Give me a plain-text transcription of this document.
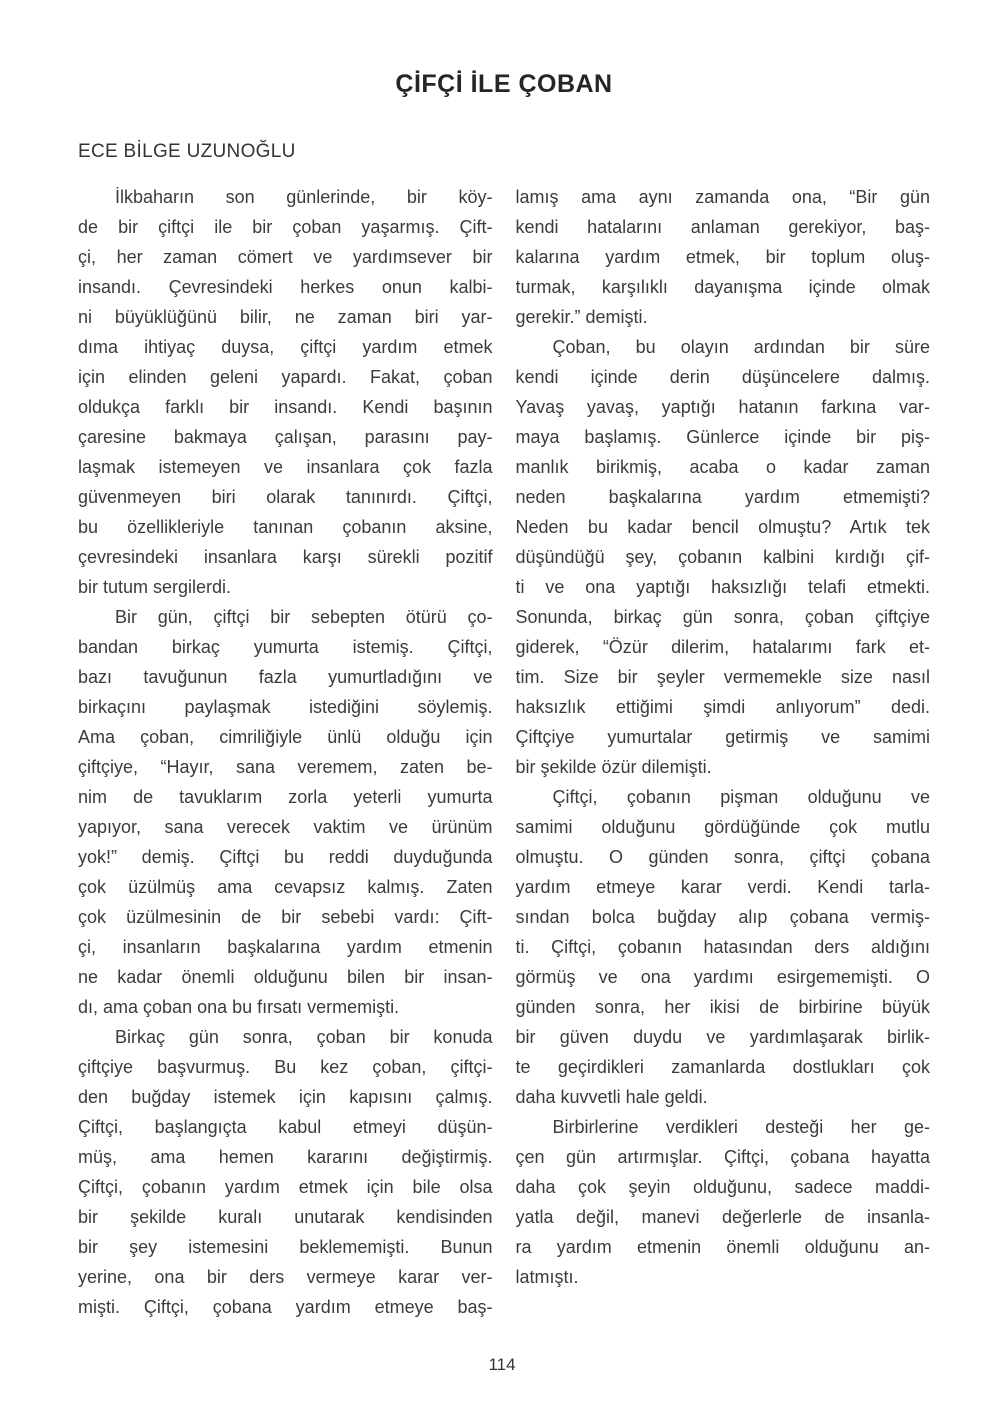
ÇİFÇİ İLE ÇOBAN
ECE BİLGE UZUNOĞLU
İlkbaharın son günlerinde, bir köy-
de bir çiftçi ile bir çoban yaşarmış. Çift-
çi, her zaman cömert ve yardımsever bir
insandı. Çevresindeki herkes onun kalbi-
ni büyüklüğünü bilir, ne zaman biri yar-
dıma ihtiyaç duysa, çiftçi yardım etmek
için elinden geleni yapardı. Fakat, çoban
oldukça farklı bir insandı. Kendi başının
çaresine bakmaya çalışan, parasını pay-
laşmak istemeyen ve insanlara çok fazla
güvenmeyen biri olarak tanınırdı. Çiftçi,
bu özellikleriyle tanınan çobanın aksine,
çevresindeki insanlara karşı sürekli pozitif
bir tutum sergilerdi.
Bir gün, çiftçi bir sebepten ötürü ço-
bandan birkaç yumurta istemiş. Çiftçi,
bazı tavuğunun fazla yumurtladığını ve
birkaçını paylaşmak istediğini söylemiş.
Ama çoban, cimriliğiyle ünlü olduğu için
çiftçiye, “Hayır, sana veremem, zaten be-
nim de tavuklarım zorla yeterli yumurta
yapıyor, sana verecek vaktim ve ürünüm
yok!” demiş. Çiftçi bu reddi duyduğunda
çok üzülmüş ama cevapsız kalmış. Zaten
çok üzülmesinin de bir sebebi vardı: Çift-
çi, insanların başkalarına yardım etmenin
ne kadar önemli olduğunu bilen bir insan-
dı, ama çoban ona bu fırsatı vermemişti.
Birkaç gün sonra, çoban bir konuda
çiftçiye başvurmuş. Bu kez çoban, çiftçi-
den buğday istemek için kapısını çalmış.
Çiftçi, başlangıçta kabul etmeyi düşün-
müş, ama hemen kararını değiştirmiş.
Çiftçi, çobanın yardım etmek için bile olsa
bir şekilde kuralı unutarak kendisinden
bir şey istemesini beklememişti. Bunun
yerine, ona bir ders vermeye karar ver-
mişti. Çiftçi, çobana yardım etmeye baş-
lamış ama aynı zamanda ona, “Bir gün
kendi hatalarını anlaman gerekiyor, baş-
kalarına yardım etmek, bir toplum oluş-
turmak, karşılıklı dayanışma içinde olmak
gerekir.” demişti.
Çoban, bu olayın ardından bir süre
kendi içinde derin düşüncelere dalmış.
Yavaş yavaş, yaptığı hatanın farkına var-
maya başlamış. Günlerce içinde bir piş-
manlık birikmiş, acaba o kadar zaman
neden başkalarına yardım etmemişti?
Neden bu kadar bencil olmuştu? Artık tek
düşündüğü şey, çobanın kalbini kırdığı çif-
ti ve ona yaptığı haksızlığı telafi etmekti.
Sonunda, birkaç gün sonra, çoban çiftçiye
giderek, “Özür dilerim, hatalarımı fark et-
tim. Size bir şeyler vermemekle size nasıl
haksızlık ettiğimi şimdi anlıyorum” dedi.
Çiftçiye yumurtalar getirmiş ve samimi
bir şekilde özür dilemişti.
Çiftçi, çobanın pişman olduğunu ve
samimi olduğunu gördüğünde çok mutlu
olmuştu. O günden sonra, çiftçi çobana
yardım etmeye karar verdi. Kendi tarla-
sından bolca buğday alıp çobana vermiş-
ti. Çiftçi, çobanın hatasından ders aldığını
görmüş ve ona yardımı esirgememişti. O
günden sonra, her ikisi de birbirine büyük
bir güven duydu ve yardımlaşarak birlik-
te geçirdikleri zamanlarda dostlukları çok
daha kuvvetli hale geldi.
Birbirlerine verdikleri desteği her ge-
çen gün artırmışlar. Çiftçi, çobana hayatta
daha çok şeyin olduğunu, sadece maddi-
yatla değil, manevi değerlerle de insanla-
ra yardım etmenin önemli olduğunu an-
latmıştı.
114
